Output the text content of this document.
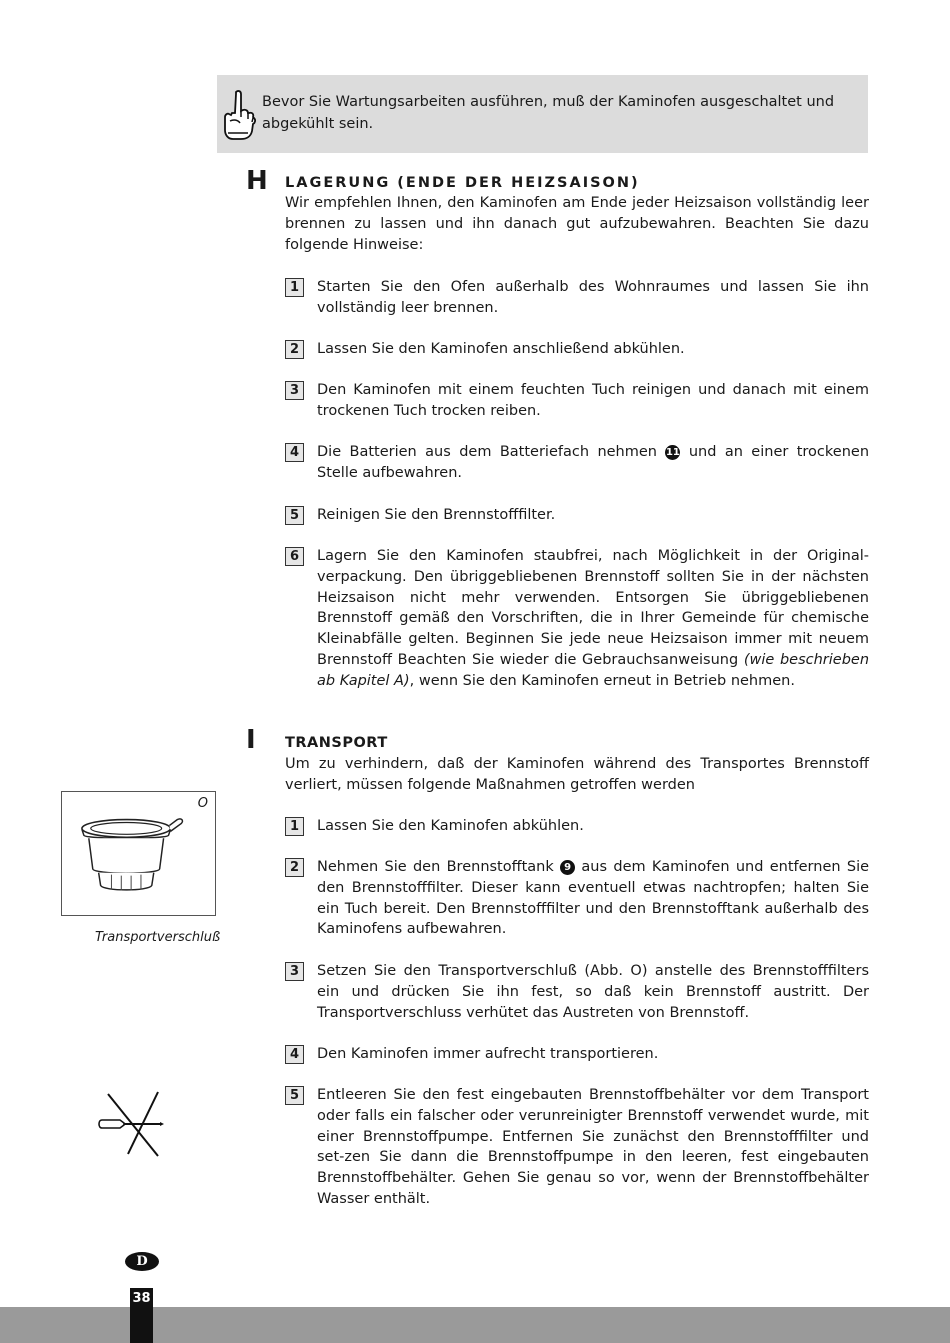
Bevor Sie Wartungsarbeiten ausführen, muß der Kaminofen ausgeschaltet und abgekühlt sein.
H LAGERUNG (ENDE DER HEIZSAISON)
Wir empfehlen Ihnen, den Kaminofen am Ende jeder Heizsaison vollständig leer brennen zu lassen und ihn danach gut aufzubewahren. Beachten Sie dazu folgende Hinweise:
1	Starten Sie den Ofen außerhalb des Wohnraumes und lassen Sie ihn vollständig leer brennen.
2	Lassen Sie den Kaminofen anschließend abkühlen.
3	Den Kaminofen mit einem feuchten Tuch reinigen und danach mit einem trockenen Tuch trocken reiben.
4	Die Batterien aus dem Batteriefach nehmen 11 und an einer trockenen Stelle aufbewahren.
5	Reinigen Sie den Brennstofffilter.
6	Lagern Sie den Kaminofen staubfrei, nach Möglichkeit in der Original-verpackung. Den übriggebliebenen Brennstoff sollten Sie in der nächsten Heizsaison nicht mehr verwenden. Entsorgen Sie übriggebliebenen Brennstoff gemäß den Vorschriften, die in Ihrer Gemeinde für chemische Kleinabfälle gelten. Beginnen Sie jede neue Heizsaison immer mit neuem Brennstoff Beachten Sie wieder die Gebrauchsanweisung (wie beschrieben ab Kapitel A), wenn Sie den Kaminofen erneut in Betrieb nehmen.
I TRANSPORT
Um zu verhindern, daß der Kaminofen während des Transportes Brennstoff verliert, müssen folgende Maßnahmen getroffen werden
1	Lassen Sie den Kaminofen abkühlen.
2	Nehmen Sie den Brennstofftank 9 aus dem Kaminofen und entfernen Sie den Brennstofffilter. Dieser kann eventuell etwas nachtropfen; halten Sie ein Tuch bereit. Den Brennstofffilter und den Brennstofftank außerhalb des Kaminofens aufbewahren.
3	Setzen Sie den Transportverschluß (Abb. O) anstelle des Brennstofffilters ein und drücken Sie ihn fest, so daß kein Brennstoff austritt. Der Transportverschluss verhütet das Austreten von Brennstoff.
4	Den Kaminofen immer aufrecht transportieren.
5	Entleeren Sie den fest eingebauten Brennstoffbehälter vor dem Transport oder falls ein falscher oder verunreinigter Brennstoff verwendet wurde, mit einer Brennstoffpumpe. Entfernen Sie zunächst den Brennstofffilter und set-zen Sie dann die Brennstoffpumpe in den leeren, fest eingebauten Brennstoffbehälter. Gehen Sie genau so vor, wenn der Brennstoffbehälter Wasser enthält.
O
Transportverschluß
D
38
